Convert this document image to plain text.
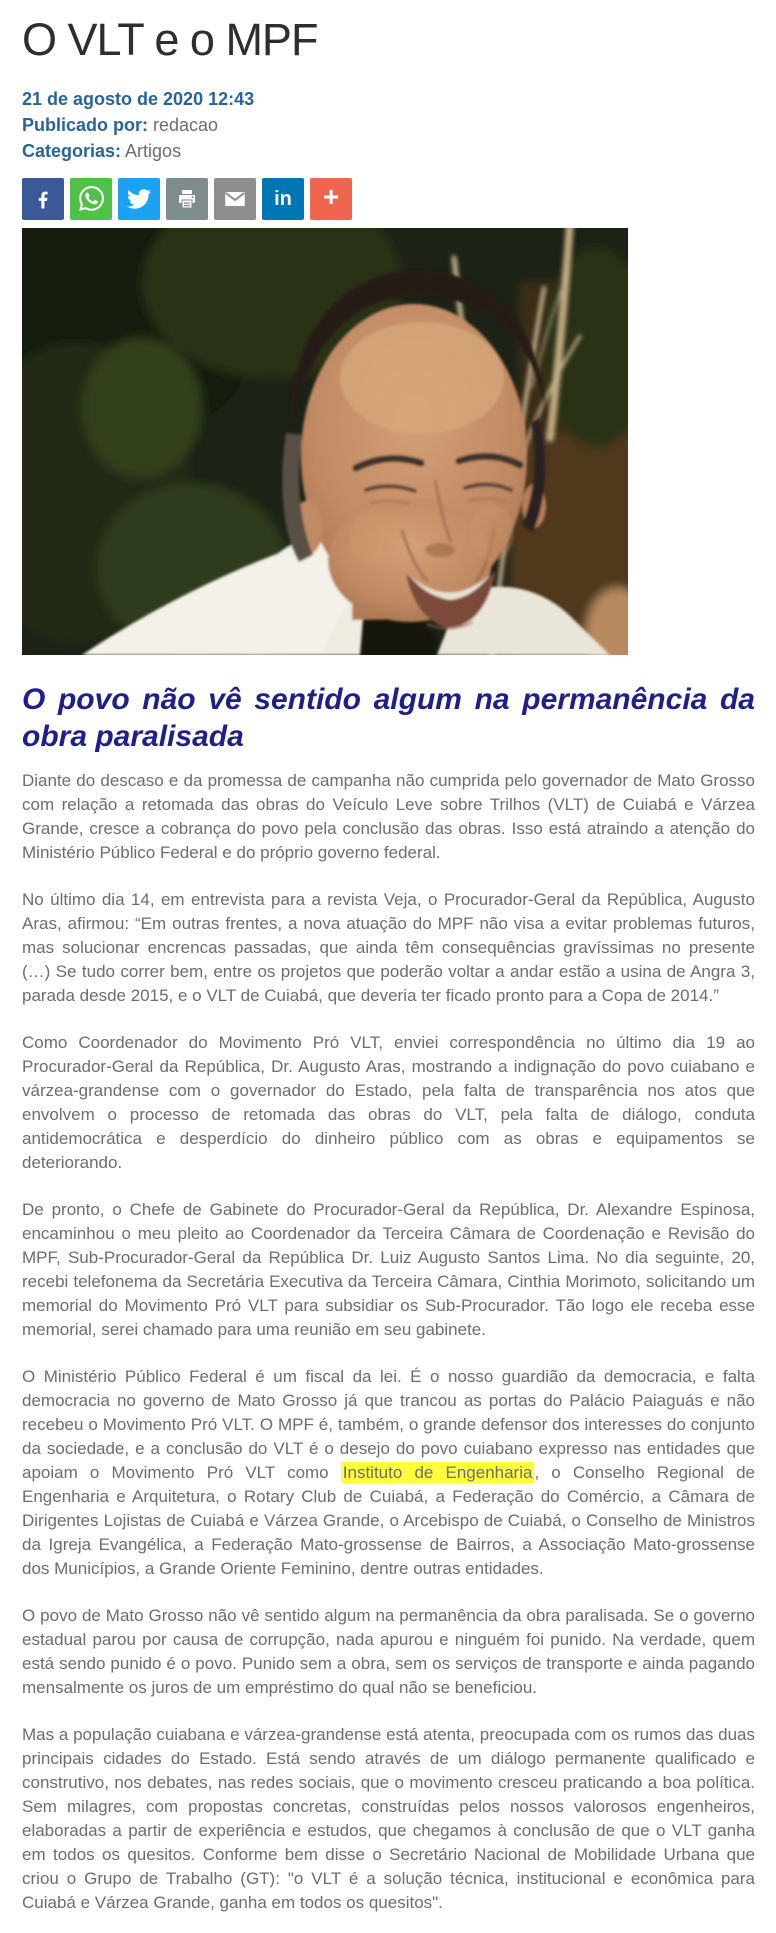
O VLT e o MPF
21 de agosto de 2020 12:43
Publicado por: redacao
Categorias: Artigos
in +
O povo não vê sentido algum na permanência da obra paralisada

Diante do descaso e da promessa de campanha não cumprida pelo governador de Mato Grosso com relação a retomada das obras do Veículo Leve sobre Trilhos (VLT) de Cuiabá e Várzea Grande, cresce a cobrança do povo pela conclusão das obras. Isso está atraindo a atenção do Ministério Público Federal e do próprio governo federal.

No último dia 14, em entrevista para a revista Veja, o Procurador-Geral da República, Augusto Aras, afirmou: “Em outras frentes, a nova atuação do MPF não visa a evitar problemas futuros, mas solucionar encrencas passadas, que ainda têm consequências gravíssimas no presente (…) Se tudo correr bem, entre os projetos que poderão voltar a andar estão a usina de Angra 3, parada desde 2015, e o VLT de Cuiabá, que deveria ter ficado pronto para a Copa de 2014.”

Como Coordenador do Movimento Pró VLT, enviei correspondência no último dia 19 ao Procurador-Geral da República, Dr. Augusto Aras, mostrando a indignação do povo cuiabano e várzea-grandense com o governador do Estado, pela falta de transparência nos atos que envolvem o processo de retomada das obras do VLT, pela falta de diálogo, conduta antidemocrática e desperdício do dinheiro público com as obras e equipamentos se deteriorando.

De pronto, o Chefe de Gabinete do Procurador-Geral da República, Dr. Alexandre Espinosa, encaminhou o meu pleito ao Coordenador da Terceira Câmara de Coordenação e Revisão do MPF, Sub-Procurador-Geral da República Dr. Luiz Augusto Santos Lima. No dia seguinte, 20, recebi telefonema da Secretária Executiva da Terceira Câmara, Cinthia Morimoto, solicitando um memorial do Movimento Pró VLT para subsidiar os Sub-Procurador. Tão logo ele receba esse memorial, serei chamado para uma reunião em seu gabinete.

O Ministério Público Federal é um fiscal da lei. É o nosso guardião da democracia, e falta democracia no governo de Mato Grosso já que trancou as portas do Palácio Paiaguás e não recebeu o Movimento Pró VLT. O MPF é, também, o grande defensor dos interesses do conjunto da sociedade, e a conclusão do VLT é o desejo do povo cuiabano expresso nas entidades que apoiam o Movimento Pró VLT como Instituto de Engenharia , o Conselho Regional de Engenharia e Arquitetura, o Rotary Club de Cuiabá, a Federação do Comércio, a Câmara de Dirigentes Lojistas de Cuiabá e Várzea Grande, o Arcebispo de Cuiabá, o Conselho de Ministros da Igreja Evangélica, a Federação Mato-grossense de Bairros, a Associação Mato-grossense dos Municípios, a Grande Oriente Feminino, dentre outras entidades.

O povo de Mato Grosso não vê sentido algum na permanência da obra paralisada. Se o governo estadual parou por causa de corrupção, nada apurou e ninguém foi punido. Na verdade, quem está sendo punido é o povo. Punido sem a obra, sem os serviços de transporte e ainda pagando mensalmente os juros de um empréstimo do qual não se beneficiou.

Mas a população cuiabana e várzea-grandense está atenta, preocupada com os rumos das duas principais cidades do Estado. Está sendo através de um diálogo permanente qualificado e construtivo, nos debates, nas redes sociais, que o movimento cresceu praticando a boa política. Sem milagres, com propostas concretas, construídas pelos nossos valorosos engenheiros, elaboradas a partir de experiência e estudos, que chegamos à conclusão de que o VLT ganha em todos os quesitos. Conforme bem disse o Secretário Nacional de Mobilidade Urbana que criou o Grupo de Trabalho (GT): "o VLT é a solução técnica, institucional e econômica para Cuiabá e Várzea Grande, ganha em todos os quesitos".
